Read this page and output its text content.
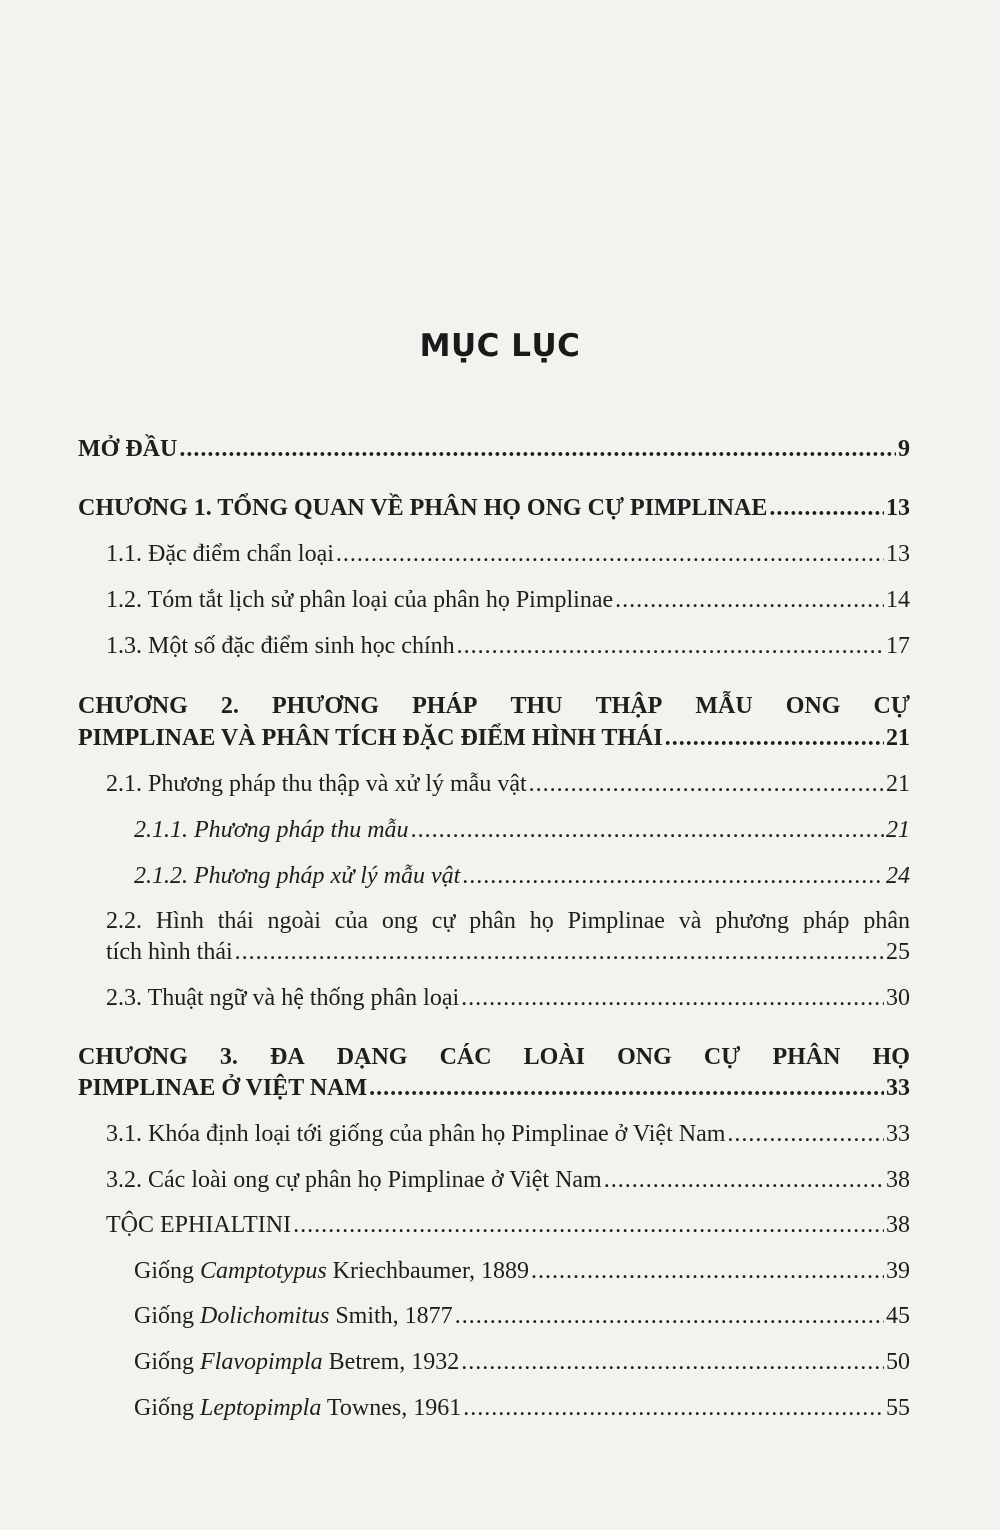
MỤC LỤC
MỞ ĐẦU .....	9
CHƯƠNG 1. TỔNG QUAN VỀ PHÂN HỌ ONG CỰ PIMPLINAE .....	13
1.1. Đặc điểm chẩn loại .....	13
1.2. Tóm tắt lịch sử phân loại của phân họ Pimplinae .....	14
1.3. Một số đặc điểm sinh học chính .....	17
CHƯƠNG 2. PHƯƠNG PHÁP THU THẬP MẪU ONG CỰ
PIMPLINAE VÀ PHÂN TÍCH ĐẶC ĐIỂM HÌNH THÁI .....	21
2.1. Phương pháp thu thập và xử lý mẫu vật .....	21
2.1.1. Phương pháp thu mẫu .....	21
2.1.2. Phương pháp xử lý mẫu vật .....	24
2.2. Hình thái ngoài của ong cự phân họ Pimplinae và phương pháp phân
tích hình thái .....	25
2.3. Thuật ngữ và hệ thống phân loại .....	30
CHƯƠNG 3. ĐA DẠNG CÁC LOÀI ONG CỰ PHÂN HỌ
PIMPLINAE Ở VIỆT NAM .....	33
3.1. Khóa định loại tới giống của phân họ Pimplinae ở Việt Nam .....	33
3.2. Các loài ong cự phân họ Pimplinae ở Việt Nam .....	38
TỘC EPHIALTINI .....	38
Giống Camptotypus Kriechbaumer, 1889 .....	39
Giống Dolichomitus Smith, 1877 .....	45
Giống Flavopimpla Betrem, 1932 .....	50
Giống Leptopimpla Townes, 1961 .....	55
